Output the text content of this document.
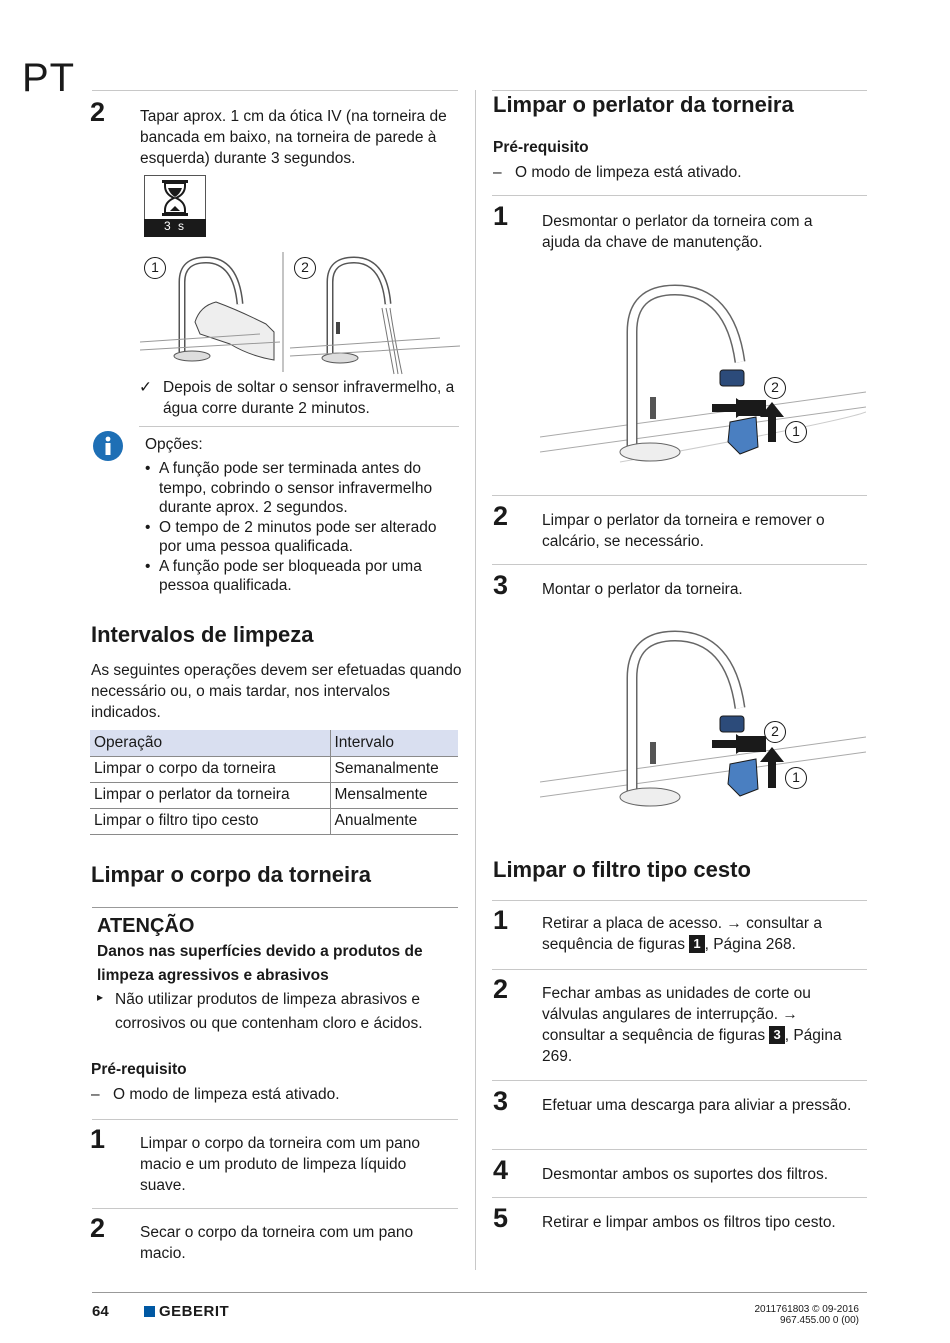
PT
2 Tapar aprox. 1 cm da ótica IV (na torneira de bancada em baixo, na torneira de parede à esquerda) durante 3 segundos.
3 s
1	2
✓ Depois de soltar o sensor infravermelho, a água corre durante 2 minutos.
Opções:
• A função pode ser terminada antes do tempo, cobrindo o sensor infravermelho durante aprox. 2 segundos.
• O tempo de 2 minutos pode ser alterado por uma pessoa qualificada.
• A função pode ser bloqueada por uma pessoa qualificada.
Intervalos de limpeza
As seguintes operações devem ser efetuadas quando necessário ou, o mais tardar, nos intervalos indicados.
Operação	Intervalo
Limpar o corpo da torneira	Semanalmente
Limpar o perlator da torneira	Mensalmente
Limpar o filtro tipo cesto	Anualmente
Limpar o corpo da torneira
ATENÇÃO
Danos nas superfícies devido a produtos de limpeza agressivos e abrasivos
▸ Não utilizar produtos de limpeza abrasivos e corrosivos ou que contenham cloro e ácidos.
Pré-requisito
– O modo de limpeza está ativado.
1 Limpar o corpo da torneira com um pano macio e um produto de limpeza líquido suave.
2 Secar o corpo da torneira com um pano macio.
Limpar o perlator da torneira
Pré-requisito
– O modo de limpeza está ativado.
1 Desmontar o perlator da torneira com a ajuda da chave de manutenção.
2
1
2 Limpar o perlator da torneira e remover o calcário, se necessário.
3 Montar o perlator da torneira.
2
1
Limpar o filtro tipo cesto
1 Retirar a placa de acesso. → consultar a sequência de figuras 1 , Página 268.
2 Fechar ambas as unidades de corte ou válvulas angulares de interrupção. → consultar a sequência de figuras 3 , Página 269.
3 Efetuar uma descarga para aliviar a pressão.
4 Desmontar ambos os suportes dos filtros.
5 Retirar e limpar ambos os filtros tipo cesto.
64	GEBERIT	2011761803 © 09-2016
967.455.00 0 (00)
